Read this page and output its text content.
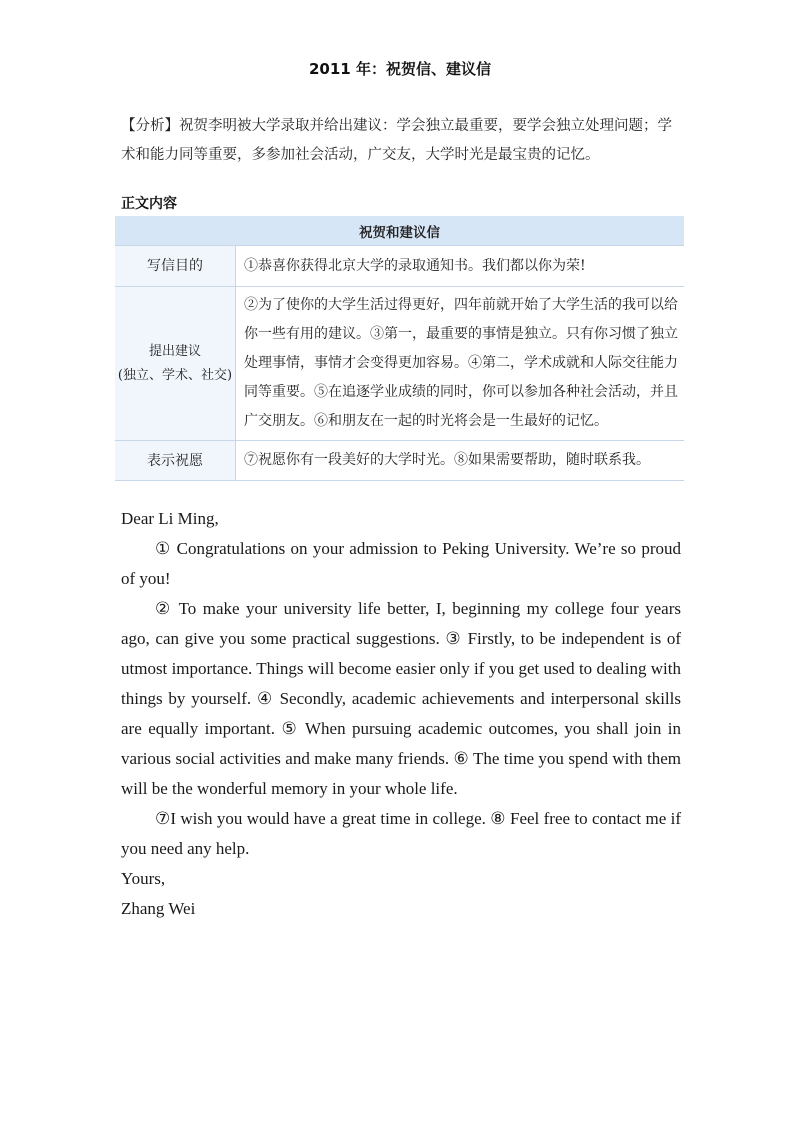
2011 年：祝贺信、建议信
【分析】祝贺李明被大学录取并给出建议：学会独立最重要，要学会独立处理问题；学术和能力同等重要，多参加社会活动，广交友，大学时光是最宝贵的记忆。
正文内容
祝贺和建议信	
写信目的	①恭喜你获得北京大学的录取通知书。我们都以你为荣!

提出建议
(独立、学术、社交)	②为了使你的大学生活过得更好，四年前就开始了大学生活的我可以给你一些有用的建议。③第一，最重要的事情是独立。只有你习惯了独立处理事情，事情才会变得更加容易。④第二，学术成就和人际交往能力同等重要。⑤在追逐学业成绩的同时，你可以参加各种社会活动，并且广交朋友。⑥和朋友在一起的时光将会是一生最好的记忆。
表示祝愿	⑦祝愿你有一段美好的大学时光。⑧如果需要帮助，随时联系我。

Dear Li Ming,

① Congratulations on your admission to Peking University. We’re so proud of you!

② To make your university life better, I, beginning my college four years ago, can give you some practical suggestions. ③ Firstly, to be independent is of utmost importance. Things will become easier only if you get used to dealing with things by yourself. ④ Secondly, academic achievements and interpersonal skills are equally important. ⑤ When pursuing academic outcomes, you shall join in various social activities and make many friends. ⑥ The time you spend with them will be the wonderful memory in your whole life.

⑦I wish you would have a great time in college. ⑧ Feel free to contact me if you need any help.

Yours,

Zhang Wei
